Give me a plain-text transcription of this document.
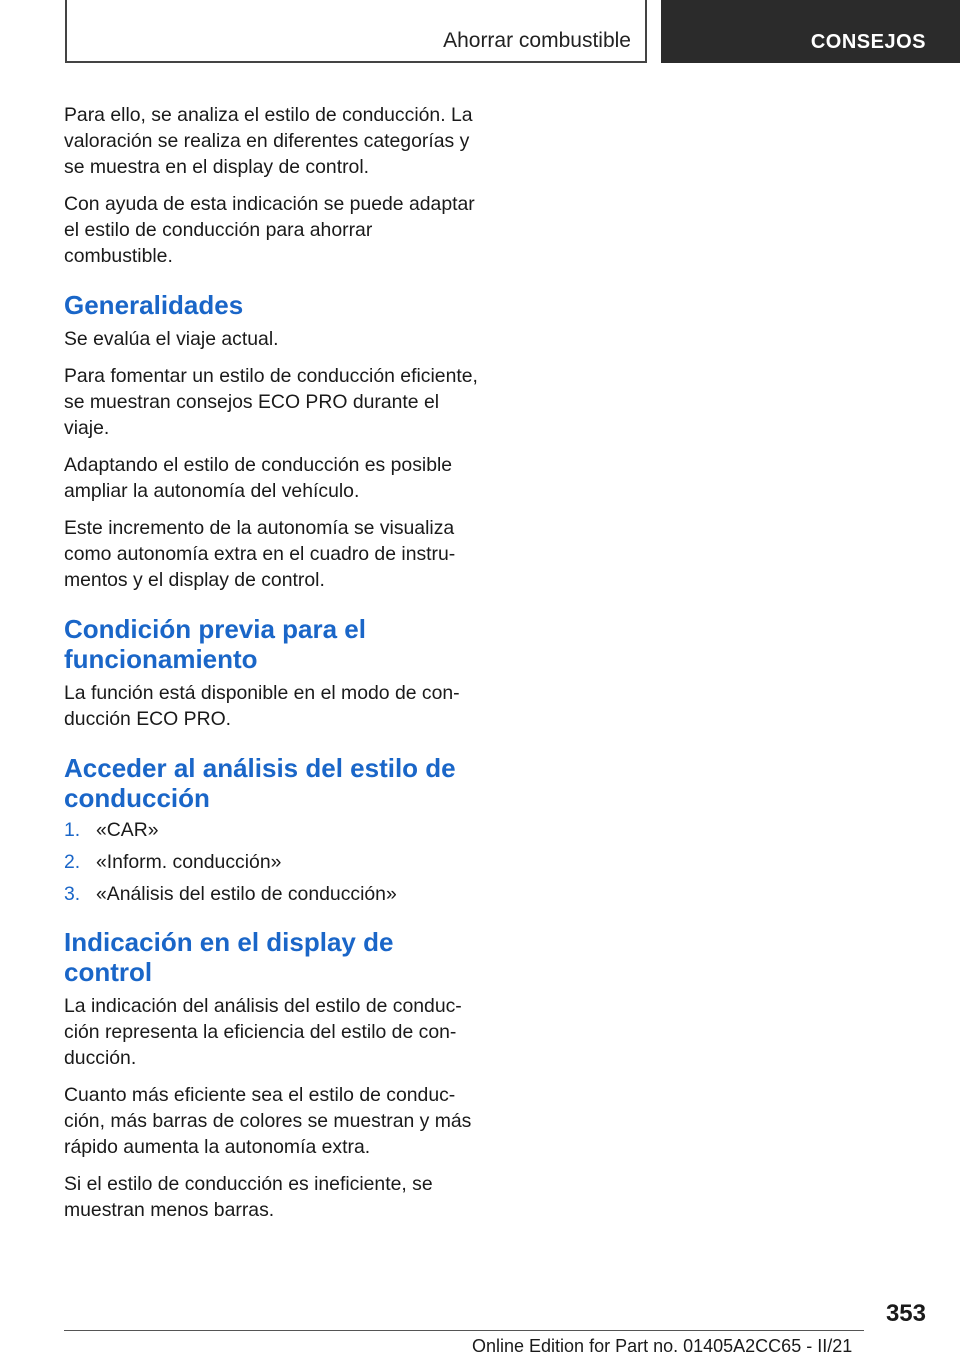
Ahorrar combustible	CONSEJOS

Para ello, se analiza el estilo de conducción. La valoración se realiza en diferentes categorías y se muestra en el display de control.

Con ayuda de esta indicación se puede adaptar el estilo de conducción para ahorrar combustible.

Generalidades

Se evalúa el viaje actual.

Para fomentar un estilo de conducción eficiente, se muestran consejos ECO PRO durante el viaje.

Adaptando el estilo de conducción es posible ampliar la autonomía del vehículo.

Este incremento de la autonomía se visualiza como autonomía extra en el cuadro de instru-mentos y el display de control.

Condición previa para el funcionamiento

La función está disponible en el modo de con-ducción ECO PRO.

Acceder al análisis del estilo de conducción
1. «CAR»
2. «Inform. conducción»
3. «Análisis del estilo de conducción»
Indicación en el display de control

La indicación del análisis del estilo de conduc-ción representa la eficiencia del estilo de con-ducción.

Cuanto más eficiente sea el estilo de conduc-ción, más barras de colores se muestran y más rápido aumenta la autonomía extra.

Si el estilo de conducción es ineficiente, se muestran menos barras.

353
Online Edition for Part no. 01405A2CC65 - II/21
